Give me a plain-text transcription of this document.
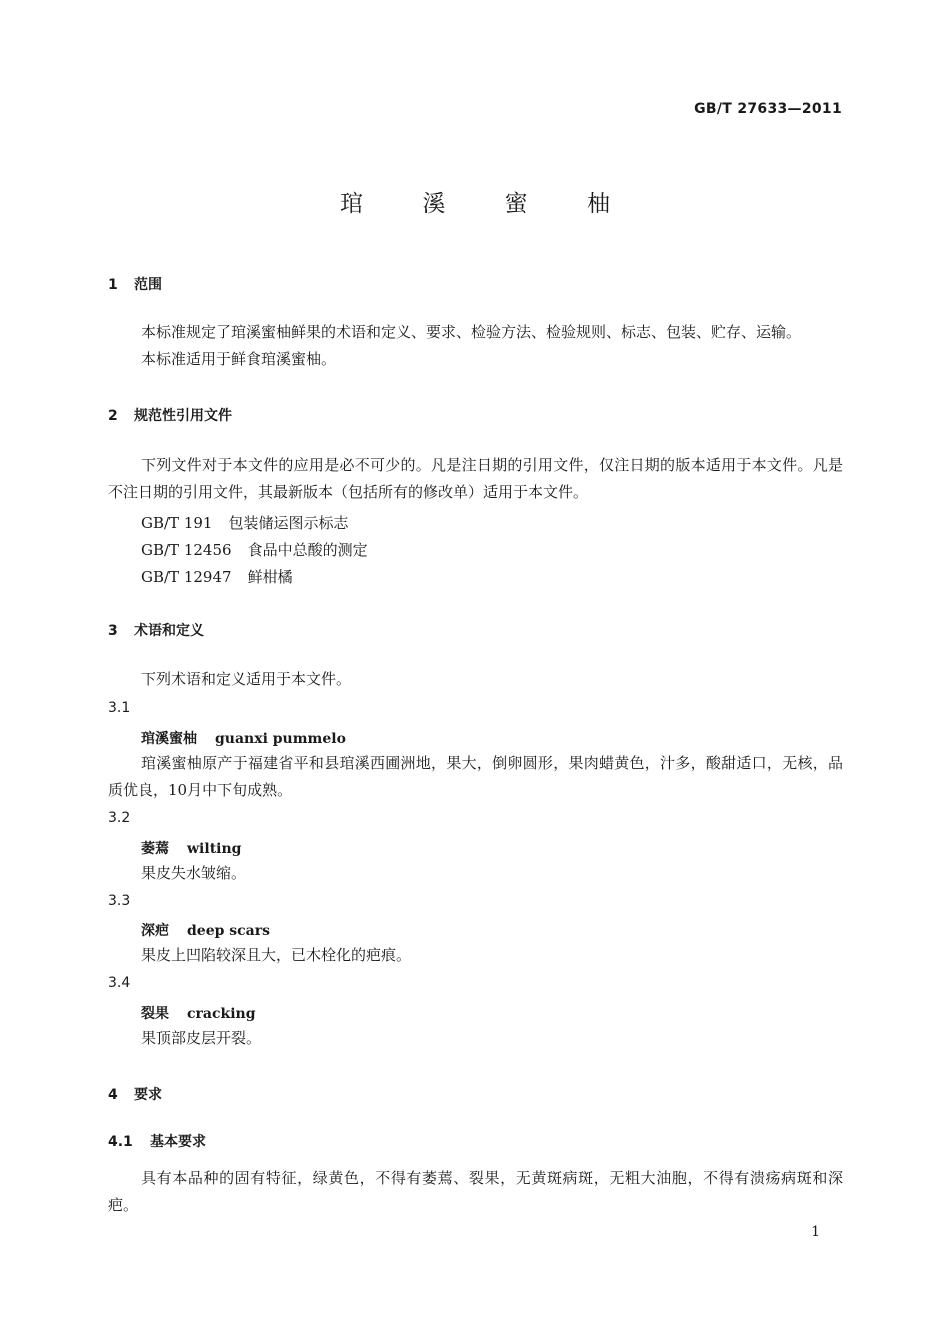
GB/T 27633—2011
琯 溪 蜜 柚
1 范围
本标准规定了琯溪蜜柚鲜果的术语和定义、要求、检验方法、检验规则、标志、包装、贮存、运输。
本标准适用于鲜食琯溪蜜柚。
2 规范性引用文件
下列文件对于本文件的应用是必不可少的。凡是注日期的引用文件，仅注日期的版本适用于本文件。凡是不注日期的引用文件，其最新版本（包括所有的修改单）适用于本文件。
GB/T 191 包装储运图示标志
GB/T 12456 食品中总酸的测定
GB/T 12947 鲜柑橘
3 术语和定义
下列术语和定义适用于本文件。
3.1
琯溪蜜柚 guanxi pummelo
琯溪蜜柚原产于福建省平和县琯溪西圃洲地，果大，倒卵圆形，果肉蜡黄色，汁多，酸甜适口，无核，品质优良，10月中下旬成熟。
3.2
萎蔫 wilting
果皮失水皱缩。
3.3
深疤 deep scars
果皮上凹陷较深且大，已木栓化的疤痕。
3.4
裂果 cracking
果顶部皮层开裂。
4 要求
4.1 基本要求
具有本品种的固有特征，绿黄色，不得有萎蔫、裂果，无黄斑病斑，无粗大油胞，不得有溃疡病斑和深疤。
1
